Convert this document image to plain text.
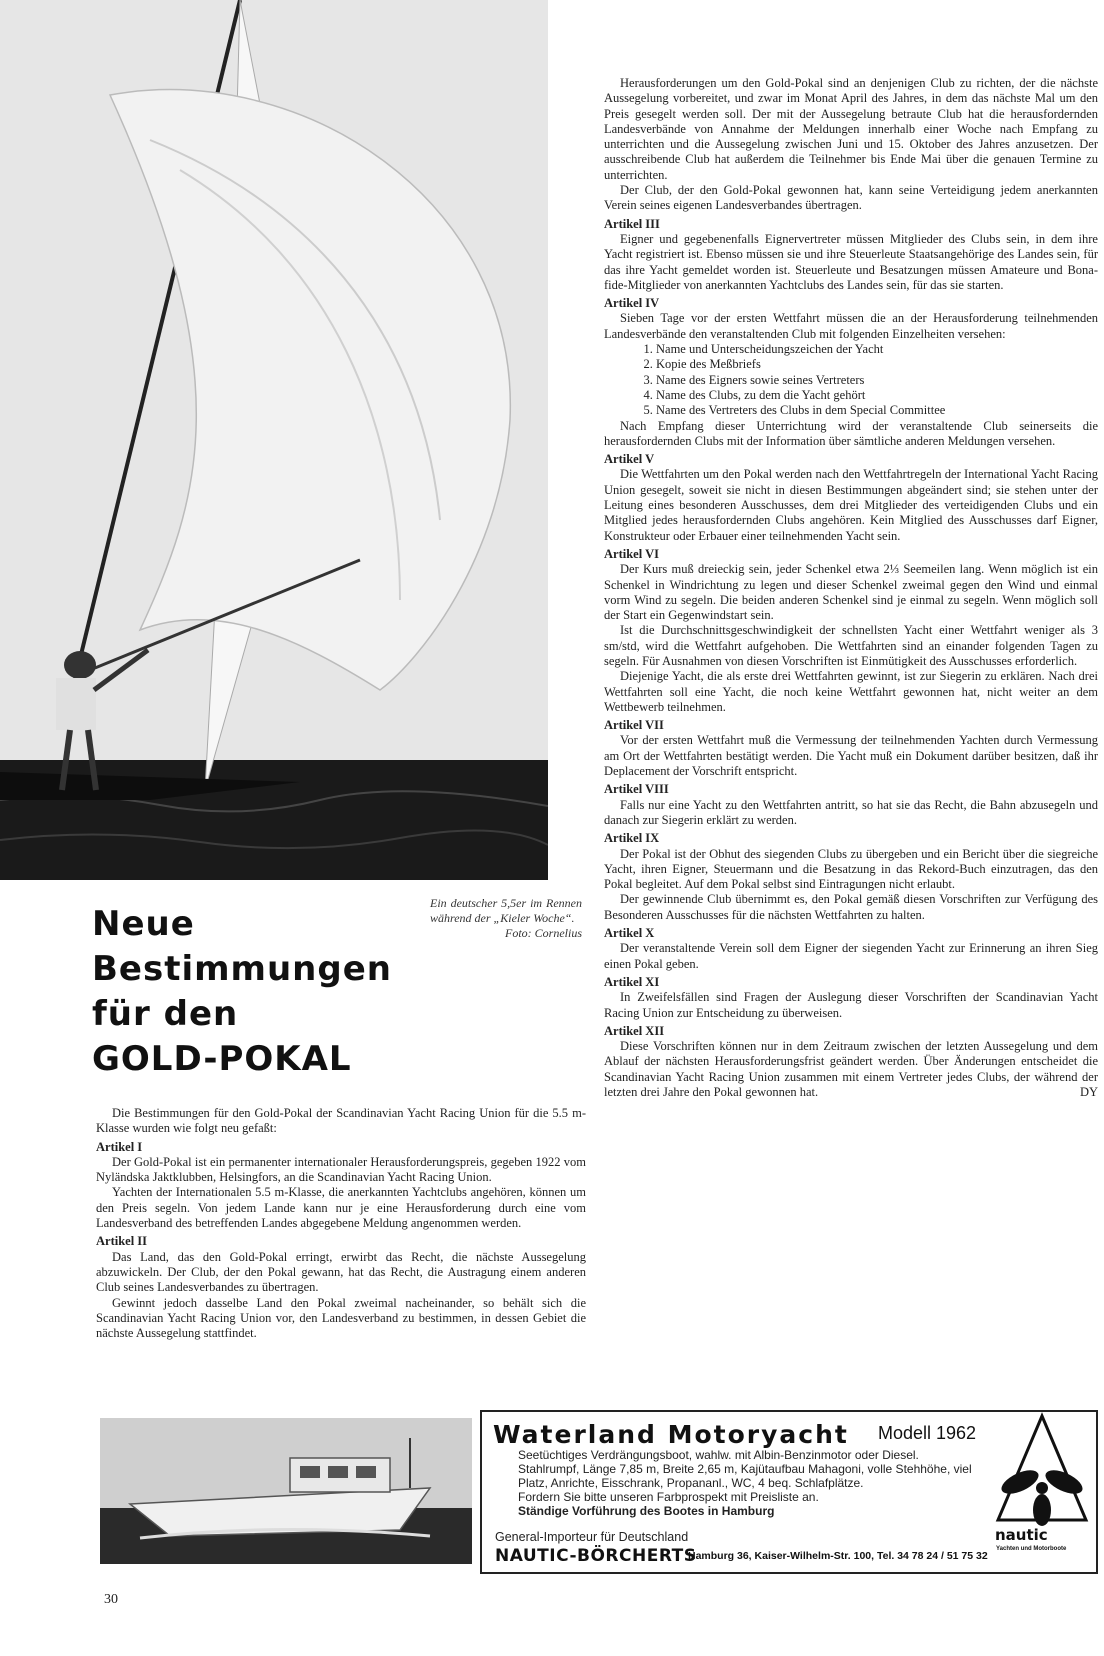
Ein deutscher 5,5er im Rennen während der „Kieler Woche“.
Foto: Cornelius
Neue
Bestimmungen
für den
GOLD-POKAL

Die Bestimmungen für den Gold-Pokal der Scandinavian Yacht Racing Union für die 5.5 m-Klasse wurden wie folgt neu gefaßt:

Artikel I

Der Gold-Pokal ist ein permanenter internationaler Herausforderungspreis, gegeben 1922 vom Nyländska Jaktklubben, Helsingfors, an die Scandinavian Yacht Racing Union.

Yachten der Internationalen 5.5 m-Klasse, die anerkannten Yachtclubs angehören, können um den Preis segeln. Von jedem Lande kann nur je eine Herausforderung durch eine vom Landesverband des betreffenden Landes abgegebene Meldung angenommen werden.

Artikel II

Das Land, das den Gold-Pokal erringt, erwirbt das Recht, die nächste Aussegelung abzuwickeln. Der Club, der den Pokal gewann, hat das Recht, die Austragung einem anderen Club seines Landesverbandes zu übertragen.

Gewinnt jedoch dasselbe Land den Pokal zweimal nacheinander, so behält sich die Scandinavian Yacht Racing Union vor, den Landesverband zu bestimmen, in dessen Gebiet die nächste Aussegelung stattfindet.

Herausforderungen um den Gold-Pokal sind an denjenigen Club zu richten, der die nächste Aussegelung vorbereitet, und zwar im Monat April des Jahres, in dem das nächste Mal um den Preis gesegelt werden soll. Der mit der Aussegelung betraute Club hat die herausfordernden Landesverbände von Annahme der Meldungen innerhalb einer Woche nach Empfang zu unterrichten und die Aussegelung zwischen Juni und 15. Oktober des Jahres anzusetzen. Der ausschreibende Club hat außerdem die Teilnehmer bis Ende Mai über die genauen Termine zu unterrichten.

Der Club, der den Gold-Pokal gewonnen hat, kann seine Verteidigung jedem anerkannten Verein seines eigenen Landesverbandes übertragen.

Artikel III

Eigner und gegebenenfalls Eignervertreter müssen Mitglieder des Clubs sein, in dem ihre Yacht registriert ist. Ebenso müssen sie und ihre Steuerleute Staatsangehörige des Landes sein, für das ihre Yacht gemeldet worden ist. Steuerleute und Besatzungen müssen Amateure und Bona-fide-Mitglieder von anerkannten Yachtclubs des Landes sein, für das sie starten.

Artikel IV

Sieben Tage vor der ersten Wettfahrt müssen die an der Herausforderung teilnehmenden Landesverbände den veranstaltenden Club mit folgenden Einzelheiten versehen:

1. Name und Unterscheidungszeichen der Yacht
2. Kopie des Meßbriefs
3. Name des Eigners sowie seines Vertreters
4. Name des Clubs, zu dem die Yacht gehört
5. Name des Vertreters des Clubs in dem Special Committee

Nach Empfang dieser Unterrichtung wird der veranstaltende Club seinerseits die herausfordernden Clubs mit der Information über sämtliche anderen Meldungen versehen.

Artikel V

Die Wettfahrten um den Pokal werden nach den Wettfahrtregeln der International Yacht Racing Union gesegelt, soweit sie nicht in diesen Bestimmungen abgeändert sind; sie stehen unter der Leitung eines besonderen Ausschusses, dem drei Mitglieder des verteidigenden Clubs und ein Mitglied jedes herausfordernden Clubs angehören. Kein Mitglied des Ausschusses darf Eigner, Konstrukteur oder Erbauer einer teilnehmenden Yacht sein.

Artikel VI

Der Kurs muß dreieckig sein, jeder Schenkel etwa 2⅓ Seemeilen lang. Wenn möglich ist ein Schenkel in Windrichtung zu legen und dieser Schenkel zweimal gegen den Wind und einmal vorm Wind zu segeln. Die beiden anderen Schenkel sind je einmal zu segeln. Wenn möglich soll der Start ein Gegenwindstart sein.

Ist die Durchschnittsgeschwindigkeit der schnellsten Yacht einer Wettfahrt weniger als 3 sm/std, wird die Wettfahrt aufgehoben. Die Wettfahrten sind an einander folgenden Tagen zu segeln. Für Ausnahmen von diesen Vorschriften ist Einmütigkeit des Ausschusses erforderlich.

Diejenige Yacht, die als erste drei Wettfahrten gewinnt, ist zur Siegerin zu erklären. Nach drei Wettfahrten soll eine Yacht, die noch keine Wettfahrt gewonnen hat, nicht weiter an dem Wettbewerb teilnehmen.

Artikel VII

Vor der ersten Wettfahrt muß die Vermessung der teilnehmenden Yachten durch Vermessung am Ort der Wettfahrten bestätigt werden. Die Yacht muß ein Dokument darüber besitzen, daß ihr Deplacement der Vorschrift entspricht.

Artikel VIII

Falls nur eine Yacht zu den Wettfahrten antritt, so hat sie das Recht, die Bahn abzusegeln und danach zur Siegerin erklärt zu werden.

Artikel IX

Der Pokal ist der Obhut des siegenden Clubs zu übergeben und ein Bericht über die siegreiche Yacht, ihren Eigner, Steuermann und die Besatzung in das Rekord-Buch einzutragen, das den Pokal begleitet. Auf dem Pokal selbst sind Eintragungen nicht erlaubt.

Der gewinnende Club übernimmt es, den Pokal gemäß diesen Vorschriften zur Verfügung des Besonderen Ausschusses für die nächsten Wettfahrten zu halten.

Artikel X

Der veranstaltende Verein soll dem Eigner der siegenden Yacht zur Erinnerung an ihren Sieg einen Pokal geben.

Artikel XI

In Zweifelsfällen sind Fragen der Auslegung dieser Vorschriften der Scandinavian Yacht Racing Union zur Entscheidung zu überweisen.

Artikel XII

Diese Vorschriften können nur in dem Zeitraum zwischen der letzten Aussegelung und dem Ablauf der nächsten Herausforderungsfrist geändert werden. Über Änderungen entscheidet die Scandinavian Yacht Racing Union zusammen mit einem Vertreter jedes Clubs, der während der letzten drei Jahre den Pokal gewonnen hat.	DY

Waterland Motoryacht Modell 1962
Seetüchtiges Verdrängungsboot, wahlw. mit Albin-Benzinmotor oder Diesel. Stahlrumpf, Länge 7,85 m, Breite 2,65 m, Kajütaufbau Mahagoni, volle Stehhöhe, viel Platz, Anrichte, Eisschrank, Propananl., WC, 4 beq. Schlafplätze.
Fordern Sie bitte unseren Farbprospekt mit Preisliste an.
Ständige Vorführung des Bootes in Hamburg
General-Importeur für Deutschland
NAUTIC-BÖRCHERTS
Hamburg 36, Kaiser-Wilhelm-Str. 100, Tel. 34 78 24 / 51 75 32
nautic
Yachten und Motorboote
30
